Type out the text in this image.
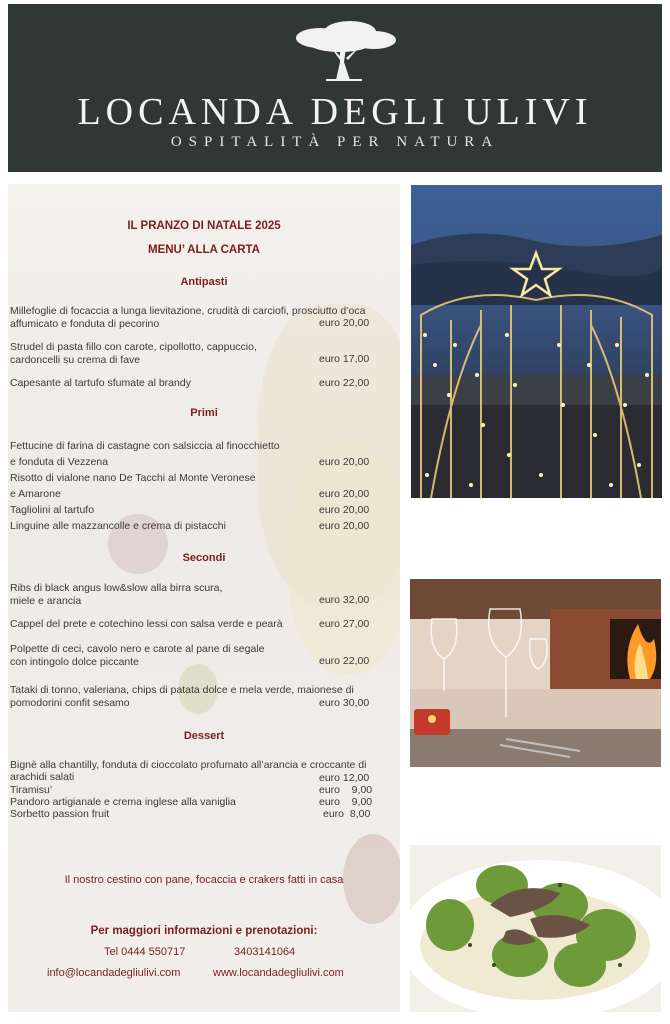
LOCANDA DEGLI ULIVI
OSPITALITÀ PER NATURA
IL PRANZO DI NATALE 2025
MENU’ ALLA CARTA
Antipasti
Millefoglie di focaccia a lunga lievitazione, crudità di carciofi, prosciutto d’oca
affumicato e fonduta di pecorino	euro 20,00
Strudel di pasta fillo con carote, cipollotto, cappuccio,
cardoncelli su crema di fave	euro 17,00
Capesante al tartufo sfumate al brandy	euro 22,00
Primi
Fettucine di farina di castagne con salsiccia al finocchietto
e fonduta di Vezzena	euro 20,00
Risotto di vialone nano De Tacchi al Monte Veronese
e Amarone	euro 20,00
Tagliolini al tartufo	euro 20,00
Linguine alle mazzancolle e crema di pistacchi	euro 20,00
Secondi
Ribs di black angus low&slow alla birra scura,
miele e arancia	euro 32,00
Cappel del prete e cotechino lessi con salsa verde e pearà	euro 27,00
Polpette di ceci, cavolo nero e carote al pane di segale
con intingolo dolce piccante	euro 22,00
Tataki di tonno, valeriana, chips di patata dolce e mela verde, maionese di
pomodorini confit sesamo	euro 30,00
Dessert
Bignè alla chantilly, fonduta di cioccolato profumato all’arancia e croccante di
arachidi salati	euro 12,00
Tiramisu’	euro    9,00
Pandoro artigianale e crema inglese alla vaniglia	euro    9,00
Sorbetto passion fruit	euro  8,00
Il nostro cestino con pane, focaccia e crakers fatti in casa
Per maggiori informazioni e prenotazioni:
Tel 0444 550717	3403141064
info@locandadegliulivi.com	www.locandadegliulivi.com
